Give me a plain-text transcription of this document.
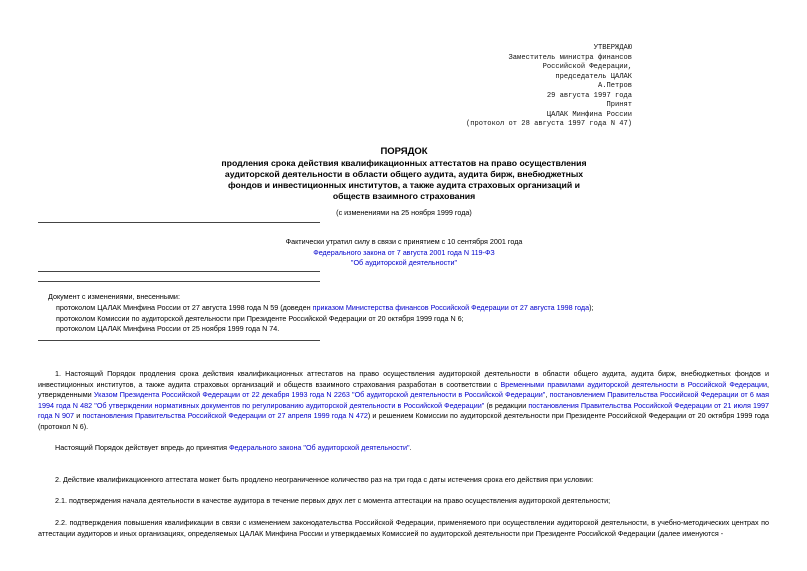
УТВЕРЖДАЮ
Заместитель министра финансов
Российской Федерации,
председатель ЦАЛАК
А.Петров
29 августа 1997 года
Принят
ЦАЛАК Минфина России
(протокол от 28 августа 1997 года N 47)
ПОРЯДОК
продления срока действия квалификационных аттестатов на право осуществления
аудиторской деятельности в области общего аудита, аудита бирж, внебюджетных
фондов и инвестиционных институтов, а также аудита страховых организаций и
обществ взаимного страхования
(с изменениями на 25 ноября 1999 года)
Фактически утратил силу в связи с принятием с 10 сентября 2001 года
Федерального закона от 7 августа 2001 года N 119-ФЗ
"Об аудиторской деятельности"
Документ с изменениями, внесенными:
протоколом ЦАЛАК Минфина России от 27 августа 1998 года N 59 (доведен приказом Министерства финансов Российской Федерации от 27 августа 1998 года);
протоколом Комиссии по аудиторской деятельности при Президенте Российской Федерации от 20 октября 1999 года N 6;
протоколом ЦАЛАК Минфина России от 25 ноября 1999 года N 74.
1. Настоящий Порядок продления срока действия квалификационных аттестатов на право осуществления аудиторской деятельности в области общего аудита, аудита бирж, внебюджетных фондов и инвестиционных институтов, а также аудита страховых организаций и обществ взаимного страхования разработан в соответствии с Временными правилами аудиторской деятельности в Российской Федерации, утвержденными Указом Президента Российской Федерации от 22 декабря 1993 года N 2263 "Об аудиторской деятельности в Российской Федерации", постановлением Правительства Российской Федерации от 6 мая 1994 года N 482 "Об утверждении нормативных документов по регулированию аудиторской деятельности в Российской Федерации" (в редакции постановления Правительства Российской Федерации от 21 июля 1997 года N 907 и постановления Правительства Российской Федерации от 27 апреля 1999 года N 472) и решением Комиссии по аудиторской деятельности при Президенте Российской Федерации от 20 октября 1999 года (протокол N 6).
Настоящий Порядок действует впредь до принятия Федерального закона "Об аудиторской деятельности".
2. Действие квалификационного аттестата может быть продлено неограниченное количество раз на три года с даты истечения срока его действия при условии:
2.1. подтверждения начала деятельности в качестве аудитора в течение первых двух лет с момента аттестации на право осуществления аудиторской деятельности;
2.2. подтверждения повышения квалификации в связи с изменением законодательства Российской Федерации, применяемого при осуществлении аудиторской деятельности, в учебно-методических центрах по аттестации аудиторов и иных организациях, определяемых ЦАЛАК Минфина России и утверждаемых Комиссией по аудиторской деятельности при Президенте Российской Федерации (далее именуются -
